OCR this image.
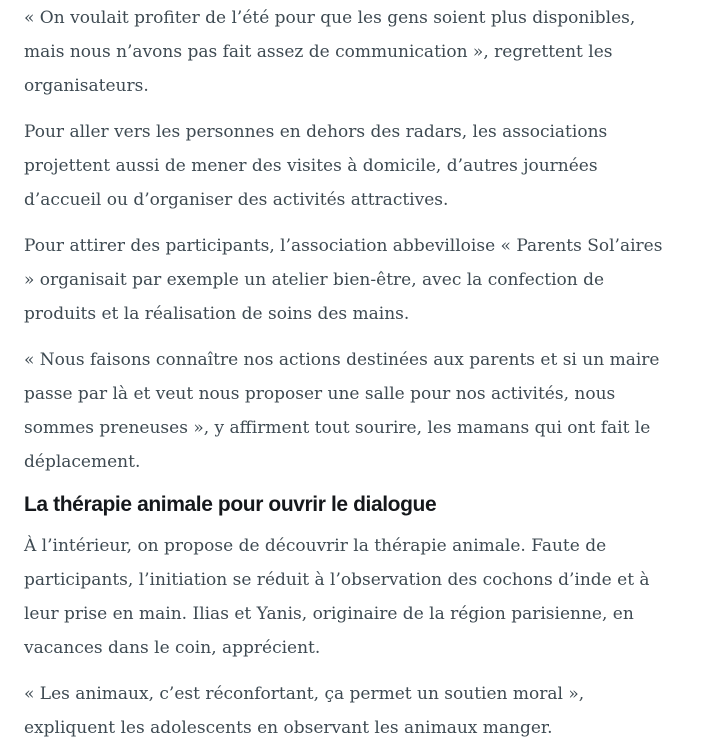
« On voulait profiter de l’été pour que les gens soient plus disponibles,
mais nous n’avons pas fait assez de communication », regrettent les
organisateurs.

Pour aller vers les personnes en dehors des radars, les associations
projettent aussi de mener des visites à domicile, d’autres journées
d’accueil ou d’organiser des activités attractives.

Pour attirer des participants, l’association abbevilloise « Parents Sol’aires
» organisait par exemple un atelier bien-être, avec la confection de
produits et la réalisation de soins des mains.

« Nous faisons connaître nos actions destinées aux parents et si un maire
passe par là et veut nous proposer une salle pour nos activités, nous
sommes preneuses », y affirment tout sourire, les mamans qui ont fait le
déplacement.

La thérapie animale pour ouvrir le dialogue

À l’intérieur, on propose de découvrir la thérapie animale. Faute de
participants, l’initiation se réduit à l’observation des cochons d’inde et à
leur prise en main. Ilias et Yanis, originaire de la région parisienne, en
vacances dans le coin, apprécient.

« Les animaux, c’est réconfortant, ça permet un soutien moral »,
expliquent les adolescents en observant les animaux manger.
